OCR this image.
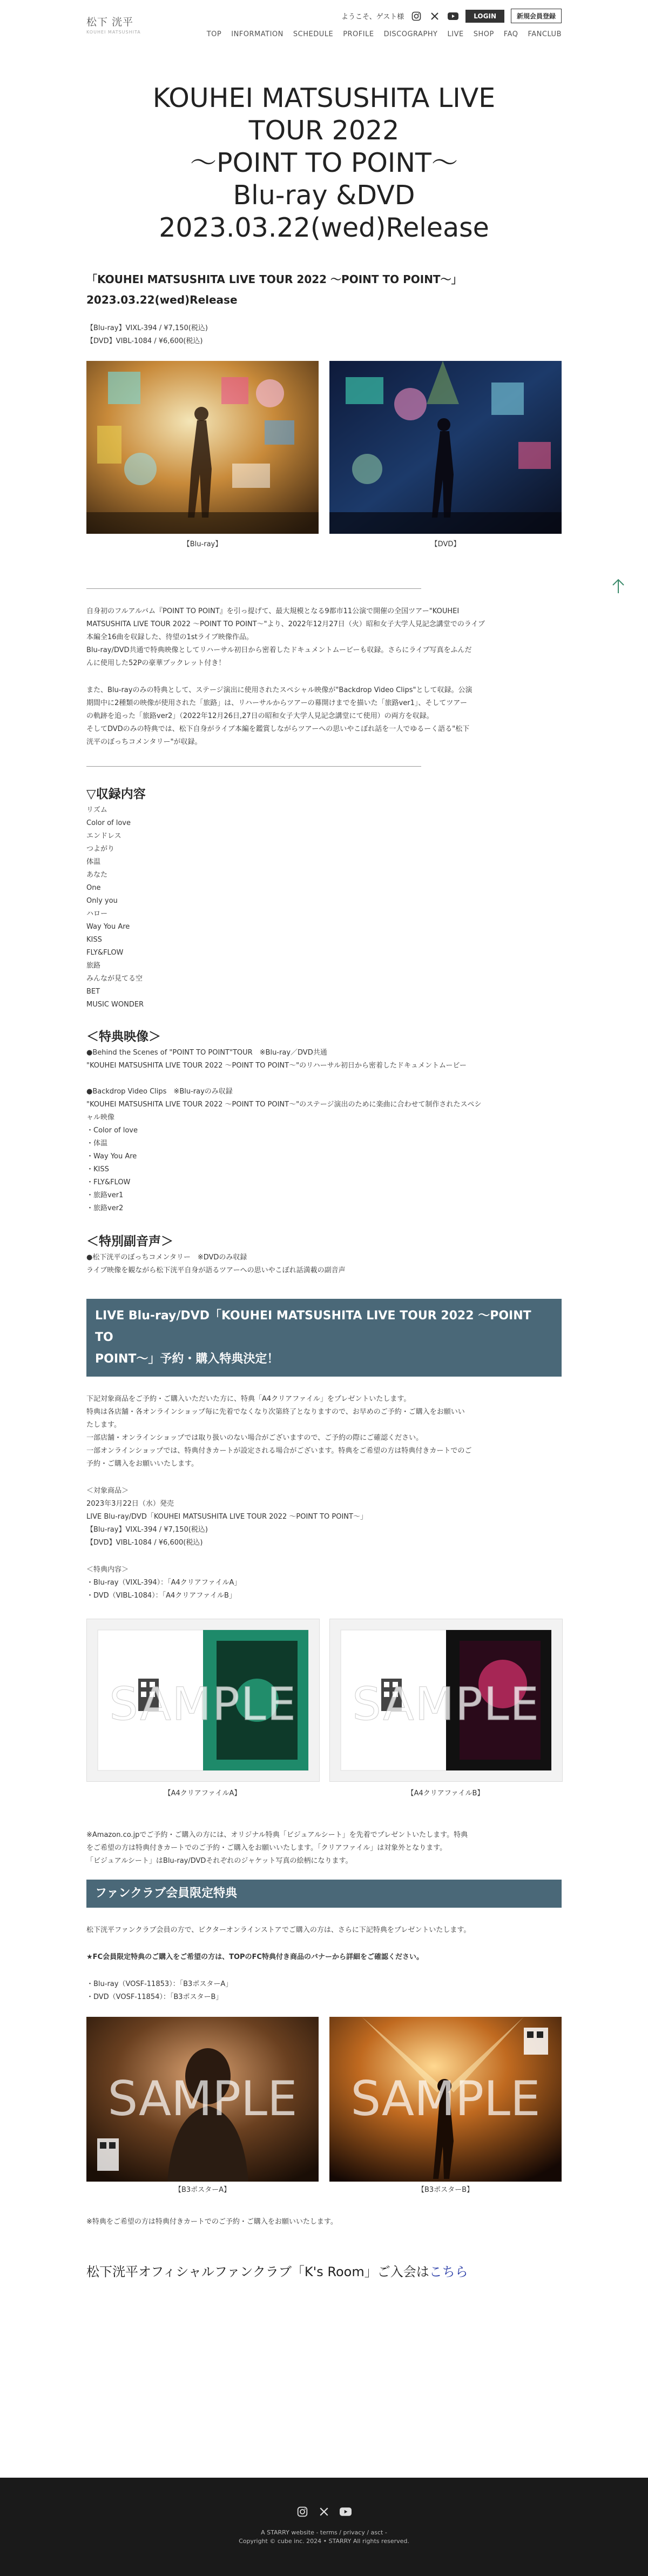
松下 洸平
KOUHEI MATSUSHITA
ようこそ、ゲスト様	LOGIN	新規会員登録
TOP INFORMATION SCHEDULE PROFILE DISCOGRAPHY LIVE SHOP FAQ FANCLUB
KOUHEI MATSUSHITA LIVE
TOUR 2022
～POINT TO POINT～
Blu-ray &DVD
2023.03.22(wed)Release
「KOUHEI MATSUSHITA LIVE TOUR 2022 ～POINT TO POINT～」
2023.03.22(wed)Release
【Blu-ray】VIXL-394 / ¥7,150(税込)
【DVD】VIBL-1084 / ¥6,600(税込)
【Blu-ray】	【DVD】
自身初のフルアルバム『POINT TO POINT』を引っ提げて、最大規模となる9都市11公演で開催の全国ツアー"KOUHEI
MATSUSHITA LIVE TOUR 2022 ～POINT TO POINT～"より、2022年12月27日（火）昭和女子大学人見記念講堂でのライブ
本編全16曲を収録した、待望の1stライブ映像作品。
Blu-ray/DVD共通で特典映像としてリハーサル初日から密着したドキュメントムービーも収録。さらにライブ写真をふんだ
んに使用した52Pの豪華ブックレット付き！
また、Blu-rayのみの特典として、ステージ演出に使用されたスペシャル映像が"Backdrop Video Clips"として収録。公演
期間中に2種類の映像が使用された「旅路」は、リハーサルからツアーの幕開けまでを描いた「旅路ver1」、そしてツアー
の軌跡を追った「旅路ver2」（2022年12月26日,27日の昭和女子大学人見記念講堂にて使用）の両方を収録。
そしてDVDのみの特典では、松下自身がライブ本編を鑑賞しながらツアーへの思いやこぼれ話を一人でゆるーく語る"松下
洸平のぼっちコメンタリー"が収録。
▽収録内容
リズム
Color of love
エンドレス
つよがり
体温
あなた
One
Only you
ハロー
Way You Are
KISS
FLY&FLOW
旅路
みんなが見てる空
BET
MUSIC WONDER
＜特典映像＞
●Behind the Scenes of "POINT TO POINT"TOUR　※Blu-ray／DVD共通
"KOUHEI MATSUSHITA LIVE TOUR 2022 ～POINT TO POINT～"のリハーサル初日から密着したドキュメントムービー
●Backdrop Video Clips　※Blu-rayのみ収録
"KOUHEI MATSUSHITA LIVE TOUR 2022 ～POINT TO POINT～"のステージ演出のために楽曲に合わせて制作されたスペシ
ャル映像
・Color of love
・体温
・Way You Are
・KISS
・FLY&FLOW
・旅路ver1
・旅路ver2
＜特別副音声＞
●松下洸平のぼっちコメンタリー　※DVDのみ収録
ライブ映像を観ながら松下洸平自身が語るツアーへの思いやこぼれ話満載の副音声
LIVE Blu-ray/DVD「KOUHEI MATSUSHITA LIVE TOUR 2022 ～POINT TO
POINT～」予約・購入特典決定！
下記対象商品をご予約・ご購入いただいた方に、特典「A4クリアファイル」をプレゼントいたします。
特典は各店舗・各オンラインショップ毎に先着でなくなり次第終了となりますので、お早めのご予約・ご購入をお願いい
たします。
一部店舗・オンラインショップでは取り扱いのない場合がございますので、ご予約の際にご確認ください。
一部オンラインショップでは、特典付きカートが設定される場合がございます。特典をご希望の方は特典付きカートでのご
予約・ご購入をお願いいたします。
＜対象商品＞
2023年3月22日（水）発売
LIVE Blu-ray/DVD「KOUHEI MATSUSHITA LIVE TOUR 2022 ～POINT TO POINT～」
【Blu-ray】VIXL-394 / ¥7,150(税込)
【DVD】VIBL-1084 / ¥6,600(税込)
＜特典内容＞
・Blu-ray（VIXL-394）：「A4クリアファイルA」
・DVD（VIBL-1084）：「A4クリアファイルB」
SAMPLE
【A4クリアファイルA】
SAMPLE
【A4クリアファイルB】
※Amazon.co.jpでご予約・ご購入の方には、オリジナル特典「ビジュアルシート」を先着でプレゼントいたします。特典
をご希望の方は特典付きカートでのご予約・ご購入をお願いいたします。「クリアファイル」は対象外となります。
「ビジュアルシート」はBlu-ray/DVDそれぞれのジャケット写真の絵柄になります。
ファンクラブ会員限定特典
松下洸平ファンクラブ会員の方で、ビクターオンラインストアでご購入の方は、さらに下記特典をプレゼントいたします。
★FC会員限定特典のご購入をご希望の方は、TOPのFC特典付き商品のバナーから詳細をご確認ください。
・Blu-ray（VOSF-11853）：「B3ポスターA」
・DVD（VOSF-11854）：「B3ポスターB」
SAMPLE
【B3ポスターA】
SAMPLE
【B3ポスターB】
※特典をご希望の方は特典付きカートでのご予約・ご購入をお願いいたします。
松下洸平オフィシャルファンクラブ「K's Room」ご入会はこちら
A STARRY website - terms / privacy / asct -
Copyright © cube inc. 2024 • STARRY All rights reserved.
